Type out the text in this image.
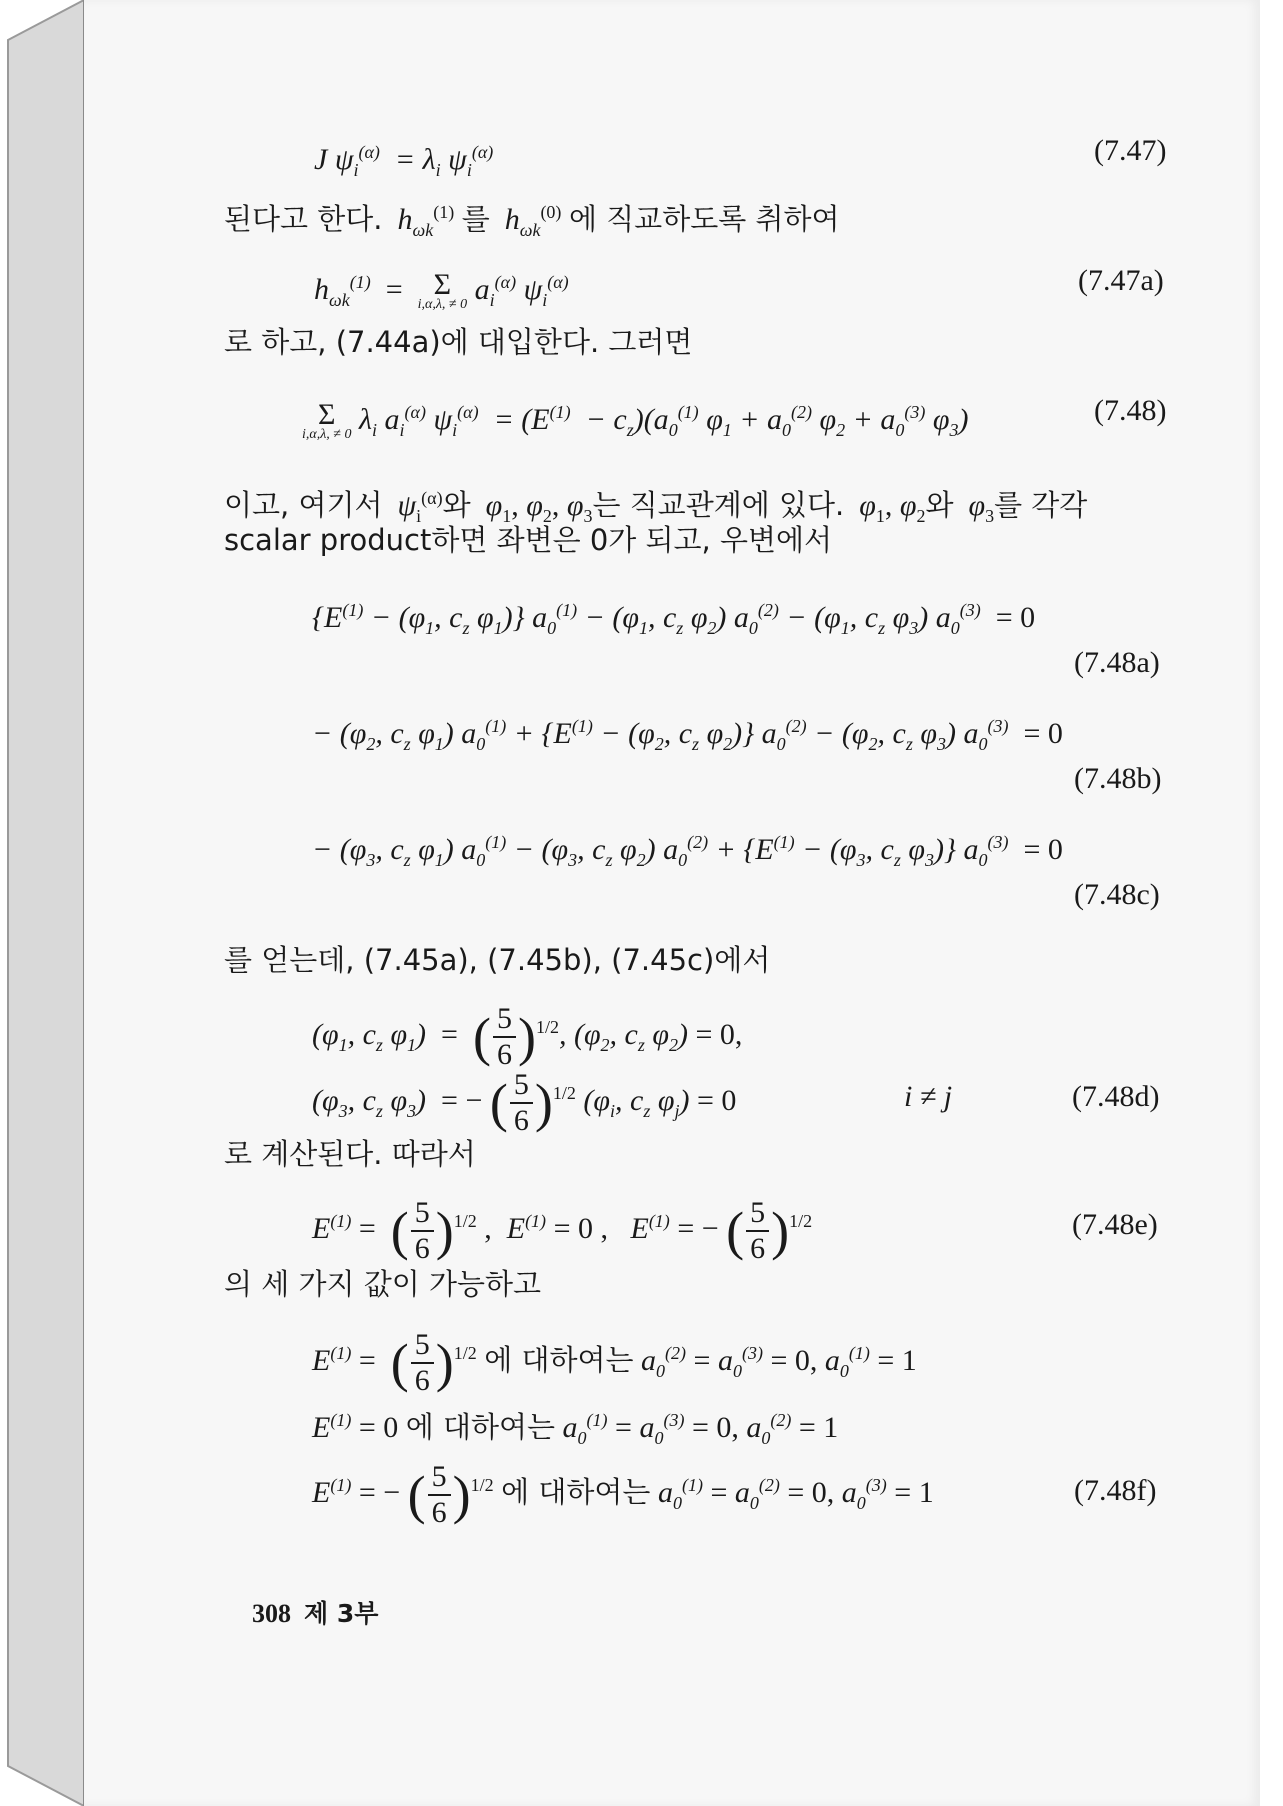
J $\psi_i^{(\alpha)} = \lambda_i$ $\psi_i^{(\alpha)}$	(7.47)
된다고 한다.  $h_{\omega k}^{(1)}$ 를  $h_{\omega k}^{(0)}$ 에 직교하도록 취하여
$h_{\omega k}^{(1)}$ =	Σ
i,α,λ, ≠ 0 $a_i^{(\alpha)}$ $\psi_i^{(\alpha)}$	(7.47a)
로 하고, (7.44a)에 대입한다. 그러면
Σ
i,α,λ, ≠ 0 $\lambda_i$ $a_i^{(\alpha)}$ $\psi_i^{(\alpha)} = (E^{(1)} - c_z)(a_0^{(1)}$ $\varphi_1 + a_0^{(2)}$ $\varphi_2 + a_0^{(3)}$ $\varphi_3$)	(7.48)
이고, 여기서  $\psi_i^{(\alpha)}$와  $\varphi_1$, $\varphi_2$, $\varphi_3$는 직교관계에 있다.  $\varphi_1$, $\varphi_2$와  $\varphi_3$를 각각
scalar product하면 좌변은 0가 되고, 우변에서
{$E^{(1)} - (\varphi_1$, $c_z$ $\varphi_1$)} $a_0^{(1)} - (\varphi_1$, $c_z$ $\varphi_2$) $a_0^{(2)} - (\varphi_1$, $c_z$ $\varphi_3$) $a_0^{(3)} = 0$
(7.48a)
− ($\varphi_2$, $c_z$ $\varphi_1$) $a_0^{(1)} + \{E^{(1)} - (\varphi_2$, $c_z$ $\varphi_2$)} $a_0^{(2)} - (\varphi_2$, $c_z$ $\varphi_3$) $a_0^{(3)} = 0$
(7.48b)
− ($\varphi_3$, $c_z$ $\varphi_1$) $a_0^{(1)} - (\varphi_3$, $c_z$ $\varphi_2$) $a_0^{(2)} + \{E^{(1)} - (\varphi_3$, $c_z$ $\varphi_3$)} $a_0^{(3)} = 0$
(7.48c)
를 얻는데, (7.45a), (7.45b), (7.45c)에서
($\varphi_1$, $c_z$ $\varphi_1$)  =  ( $\frac{5}{6} )^{1/2}$, ($\varphi_2$, $c_z$ $\varphi_2) = 0$,
($\varphi_3$, $c_z$ $\varphi_3$)  = − ( $\frac{5}{6} )^{1/2}$ ($\varphi_i$, $c_z$ $\varphi_j) = 0$	i ≠ j	(7.48d)
로 계산된다. 따라서
$E^{(1)}$ =  ( $\frac{5}{6} )^{1/2}$ ,  $E^{(1)} = 0$ ,   $E^{(1)}$ = − ( $\frac{5}{6} )^{1/2}$	(7.48e)
의 세 가지 값이 가능하고
$E^{(1)}$ =  ( $\frac{5}{6} )^{1/2}$ 에 대하여는 $a_0^{(2)} = a_0^{(3)} = 0$, $a_0^{(1)} = 1$
$E^{(1)} = 0$ 에 대하여는 $a_0^{(1)} = a_0^{(3)} = 0$, $a_0^{(2)} = 1$
$E^{(1)}$ = − ( $\frac{5}{6} )^{1/2}$ 에 대하여는 $a_0^{(1)} = a_0^{(2)} = 0$, $a_0^{(3)} = 1$	(7.48f)
308 제 3부
